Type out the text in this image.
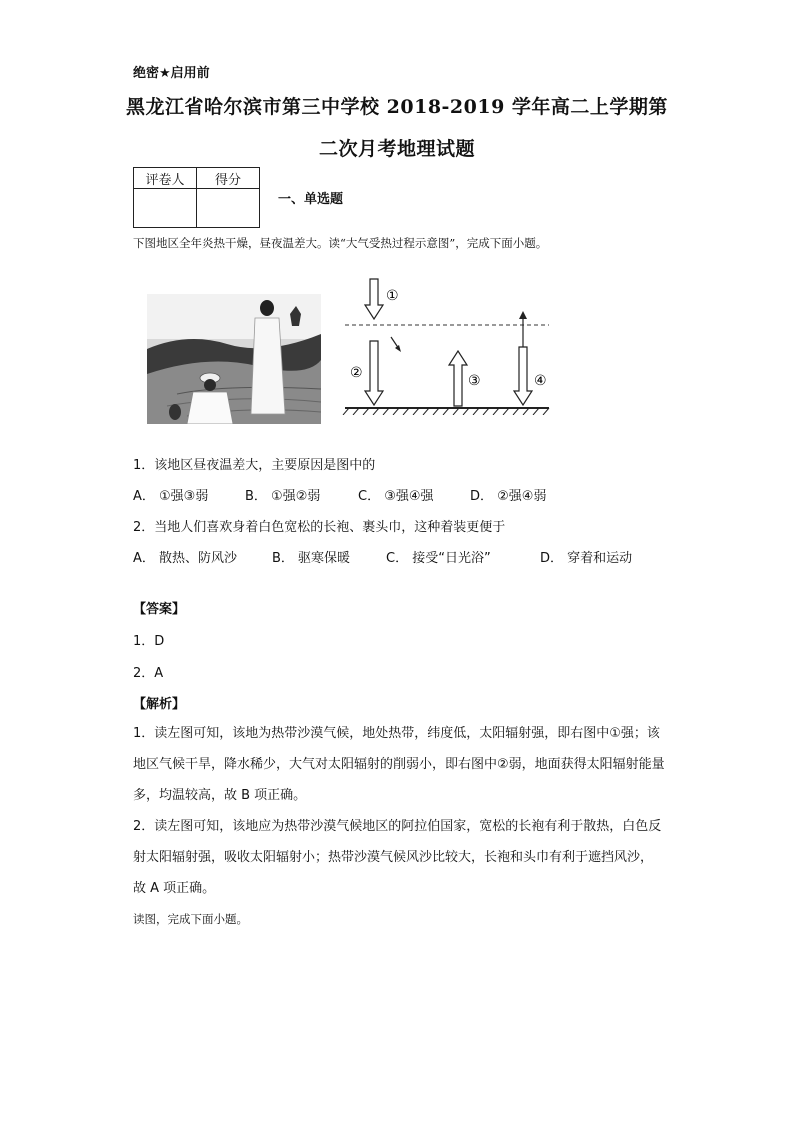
绝密★启用前
黑龙江省哈尔滨市第三中学校 2018-2019 学年高二上学期第
二次月考地理试题
评卷人	得分

一、单选题
下图地区全年炎热干燥，昼夜温差大。读“大气受热过程示意图”，完成下面小题。
①
②	③	④
1．该地区昼夜温差大，主要原因是图中的
A． ①强③弱	B． ①强②弱	C． ③强④强	D． ②强④弱
2．当地人们喜欢身着白色宽松的长袍、裹头巾，这种着装更便于
A． 散热、防风沙	B． 驱寒保暖	C． 接受“日光浴”	D． 穿着和运动
【答案】
1．D
2．A
【解析】
1．读左图可知，该地为热带沙漠气候，地处热带，纬度低，太阳辐射强，即右图中①强；该地区气候干旱，降水稀少，大气对太阳辐射的削弱小，即右图中②弱，地面获得太阳辐射能量多，均温较高，故 B 项正确。
2．读左图可知，该地应为热带沙漠气候地区的阿拉伯国家，宽松的长袍有利于散热，白色反射太阳辐射强，吸收太阳辐射小；热带沙漠气候风沙比较大，长袍和头巾有利于遮挡风沙，故 A 项正确。
读图，完成下面小题。
